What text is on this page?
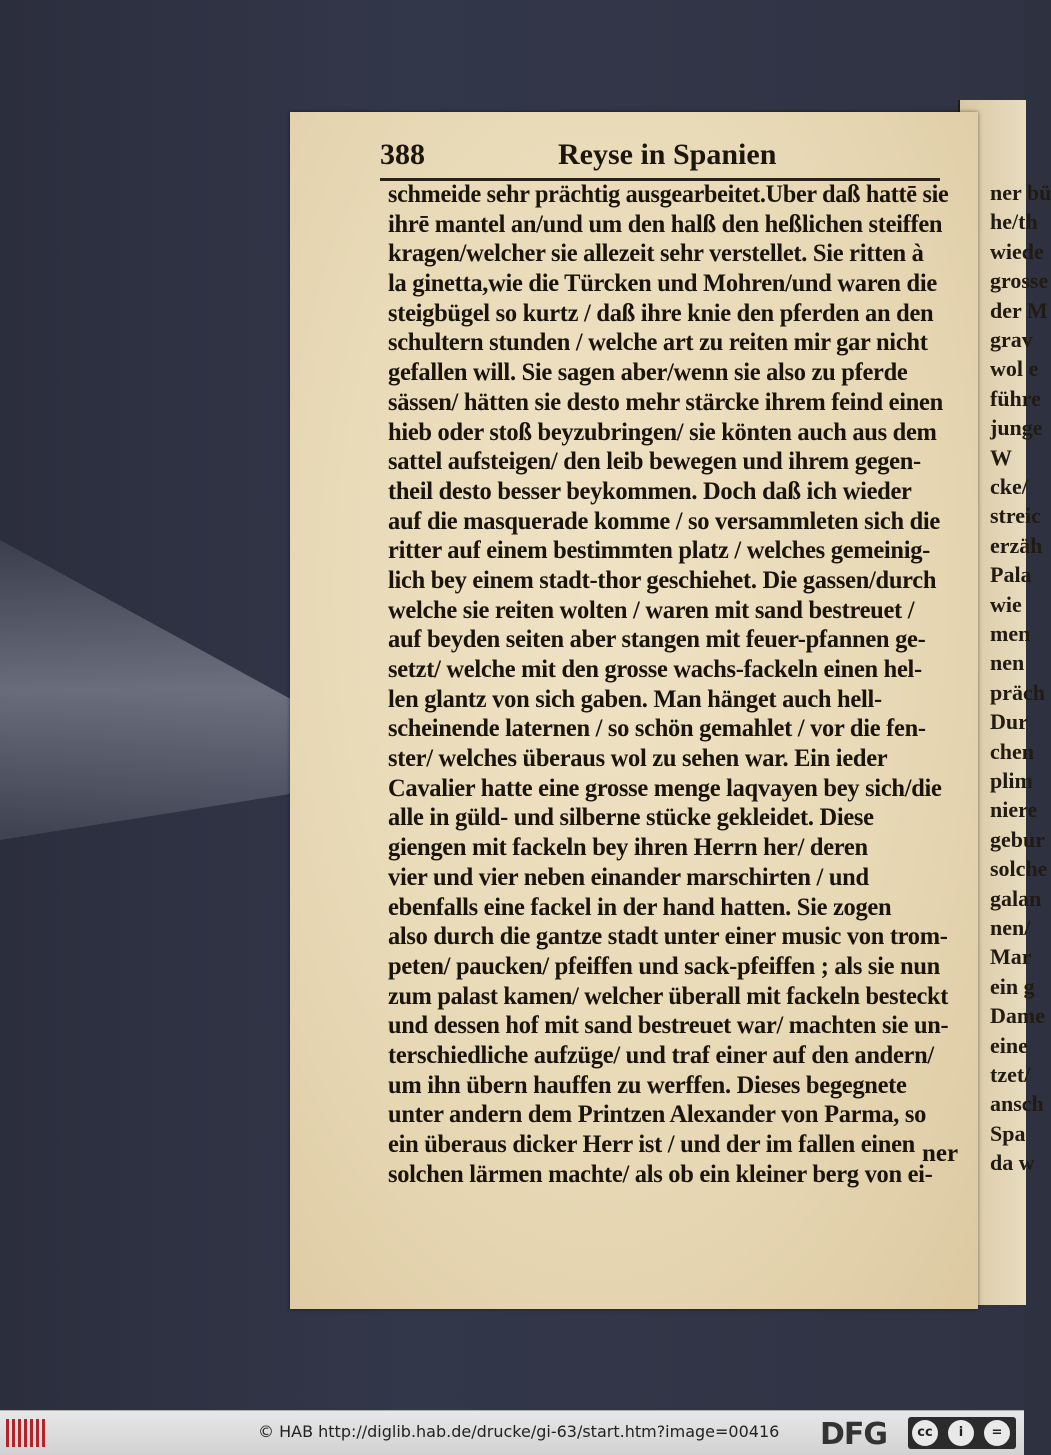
ner bü
he/th
wiede
grosse
der M
grav
wol e
führe
junge
W
cke/
streic
erzäh
Pala
wie
men
nen
präch
Dur
chen
plim
niere
gebur
solche
galan
nen/
Mar
ein g
Dame
eine
tzet/
ansch
Spa
da w
388	Reyse in Spanien
schmeide sehr prächtig ausgearbeitet.Uber daß hattē sie
ihrē mantel an/und um den halß den heßlichen steiffen
kragen/welcher sie allezeit sehr verstellet. Sie ritten à
la ginetta,wie die Türcken und Mohren/und waren die
steigbügel so kurtz / daß ihre knie den pferden an den
schultern stunden / welche art zu reiten mir gar nicht
gefallen will. Sie sagen aber/wenn sie also zu pferde
sässen/ hätten sie desto mehr stärcke ihrem feind einen
hieb oder stoß beyzubringen/ sie könten auch aus dem
sattel aufsteigen/ den leib bewegen und ihrem gegen-
theil desto besser beykommen. Doch daß ich wieder
auf die masquerade komme / so versammleten sich die
ritter auf einem bestimmten platz / welches gemeinig-
lich bey einem stadt-thor geschiehet. Die gassen/durch
welche sie reiten wolten / waren mit sand bestreuet /
auf beyden seiten aber stangen mit feuer-pfannen ge-
setzt/ welche mit den grosse wachs-fackeln einen hel-
len glantz von sich gaben. Man hänget auch hell-
scheinende laternen / so schön gemahlet / vor die fen-
ster/ welches überaus wol zu sehen war. Ein ieder
Cavalier hatte eine grosse menge laqvayen bey sich/die
alle in güld- und silberne stücke gekleidet. Diese
giengen mit fackeln bey ihren Herrn her/ deren
vier und vier neben einander marschirten / und
ebenfalls eine fackel in der hand hatten. Sie zogen
also durch die gantze stadt unter einer music von trom-
peten/ paucken/ pfeiffen und sack-pfeiffen ; als sie nun
zum palast kamen/ welcher überall mit fackeln besteckt
und dessen hof mit sand bestreuet war/ machten sie un-
terschiedliche aufzüge/ und traf einer auf den andern/
um ihn übern hauffen zu werffen. Dieses begegnete
unter andern dem Printzen Alexander von Parma, so
ein überaus dicker Herr ist / und der im fallen einen
solchen lärmen machte/ als ob ein kleiner berg von ei-
ner
© HAB http://diglib.hab.de/drucke/gi-63/start.htm?image=00416 DFG	cc	i	=
